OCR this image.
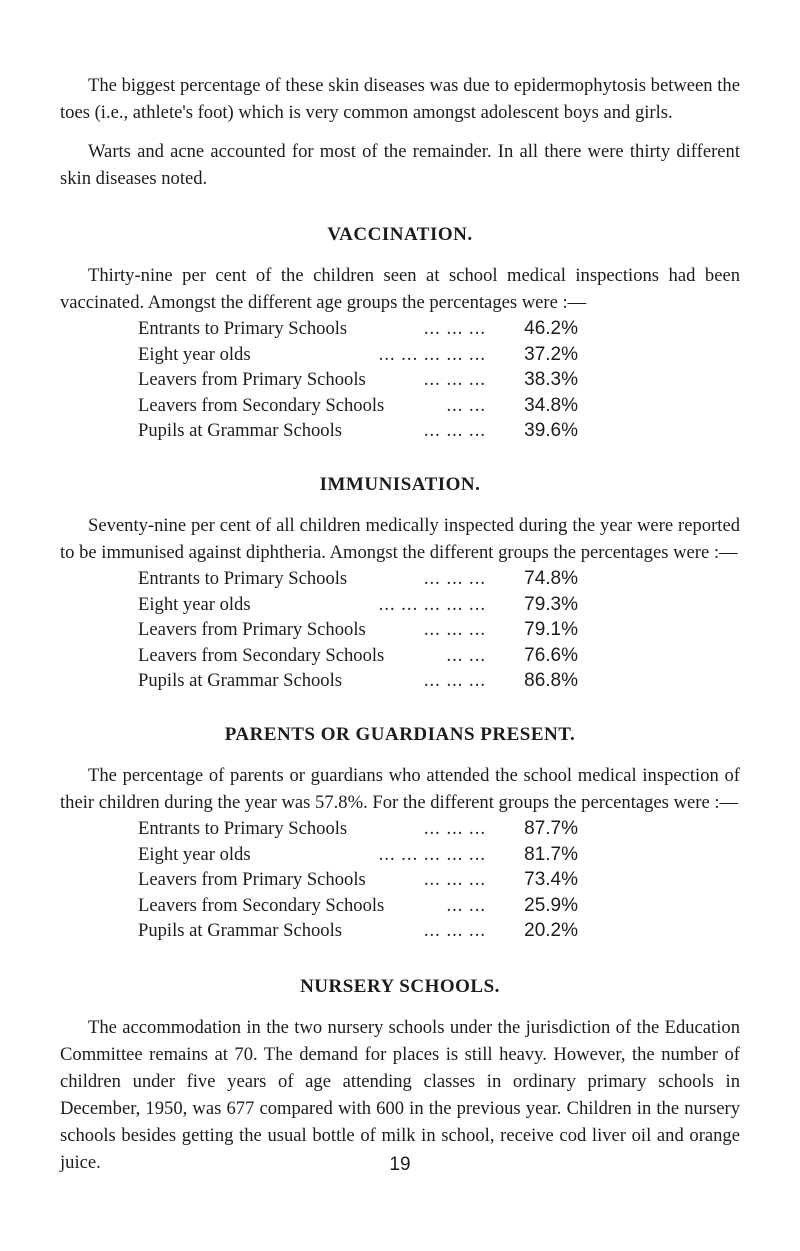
The biggest percentage of these skin diseases was due to epidermophytosis between the toes (i.e., athlete's foot) which is very common amongst adolescent boys and girls.

Warts and acne accounted for most of the remainder. In all there were thirty different skin diseases noted.

VACCINATION.

Thirty-nine per cent of the children seen at school medical inspections had been vaccinated. Amongst the different age groups the percentages were :—

Entrants to Primary Schools	... ... ...	46.2%
Eight year olds	... ... ... ... ...	37.2%
Leavers from Primary Schools	... ... ...	38.3%
Leavers from Secondary Schools	... ...	34.8%
Pupils at Grammar Schools	... ... ...	39.6%
IMMUNISATION.

Seventy-nine per cent of all children medically inspected during the year were reported to be immunised against diphtheria. Amongst the different groups the percentages were :—

Entrants to Primary Schools	... ... ...	74.8%
Eight year olds	... ... ... ... ...	79.3%
Leavers from Primary Schools	... ... ...	79.1%
Leavers from Secondary Schools	... ...	76.6%
Pupils at Grammar Schools	... ... ...	86.8%
PARENTS OR GUARDIANS PRESENT.

The percentage of parents or guardians who attended the school medical inspection of their children during the year was 57.8%. For the different groups the percentages were :—

Entrants to Primary Schools	... ... ...	87.7%
Eight year olds	... ... ... ... ...	81.7%
Leavers from Primary Schools	... ... ...	73.4%
Leavers from Secondary Schools	... ...	25.9%
Pupils at Grammar Schools	... ... ...	20.2%
NURSERY SCHOOLS.

The accommodation in the two nursery schools under the jurisdiction of the Education Committee remains at 70. The demand for places is still heavy. However, the number of children under five years of age attending classes in ordinary primary schools in December, 1950, was 677 compared with 600 in the previous year. Children in the nursery schools besides getting the usual bottle of milk in school, receive cod liver oil and orange juice.	19
